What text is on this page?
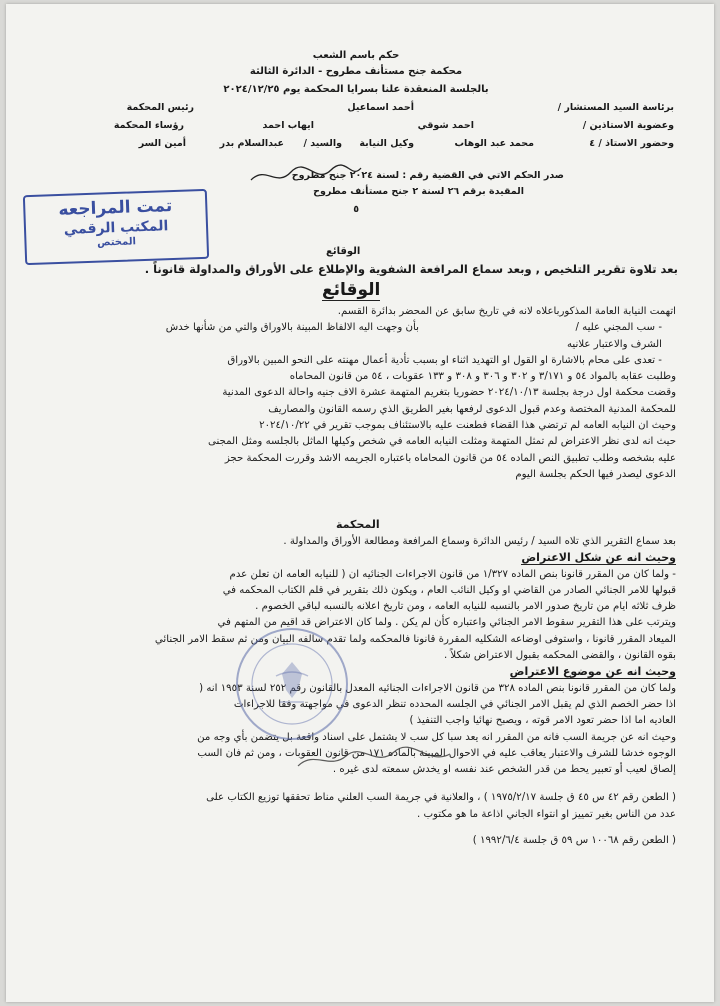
حكم باسم الشعب
محكمة جنح مستأنف مطروح - الدائرة الثالثة
بالجلسة المنعقدة علنا بسرايا المحكمة يوم ٢٠٢٤/١٢/٢٥
برئاسة السيد المستشار /
أحمد اسماعيل
رئيس المحكمة
وعضوية الاستاذين /
احمد شوقي
ايهاب احمد
رؤساء المحكمة
وحضور الاستاذ / ٤
محمد عبد الوهاب
وكيل النيابة
والسيد /
عبدالسلام بدر
أمين السر
صدر الحكم الاتي في القضية رقم : لسنة ٢٠٢٤ جنح مطروح
المقيدة برقم ٢٦ لسنة ٢ جنح مستأنف مطروح
٥
تمت المراجعه
المكتب الرقمي
المختص
الوقائع
بعد تلاوة تقرير التلخيص , وبعد سماع المرافعة الشفوية والإطلاع على الأوراق والمداولة قانوناً .
الوقائع

اتهمت النيابة العامة المذكورباعلاه لانه في تاريخ سابق عن المحضر بدائرة القسم.

- سب المجني عليه /  بأن وجهت اليه الالفاظ المبينة بالاوراق والتي من شأنها خدش

الشرف والاعتبار علانيه

- تعدى على محام بالاشارة او القول او التهديد اثناء او بسبب تأدية أعمال مهنته على النحو المبين بالاوراق

وطلبت عقابه بالمواد ٥٤ و ٣/١٧١ و ٣٠٢ و ٣٠٦ و ٣٠٨ و ١٣٣ عقوبات ، ٥٤ من قانون المحاماه

وقضت محكمة اول درجة بجلسة ٢٠٢٤/١٠/١٣ حضوريا بتغريم المتهمة عشرة الاف جنيه واحالة الدعوى المدنية

للمحكمة المدنية المختصة وعدم قبول الدعوى لرفعها بغير الطريق الذي رسمه القانون والمصاريف

وحيث ان النيابه العامه لم ترتضي هذا القضاء فطعنت عليه بالاستئناف بموجب تقرير في ٢٠٢٤/١٠/٢٢

حيث انه لدى نظر الاعتراض لم تمثل المتهمة ومثلت النيابه العامه في شخص وكيلها الماثل بالجلسه ومثل المجنى

عليه بشخصه وطلب تطبيق النص الماده ٥٤ من قانون المحاماه باعتباره الجريمه الاشد وقررت المحكمة حجز

الدعوى ليصدر فيها الحكم بجلسة اليوم

المحكمة

بعد سماع التقرير الذي تلاه السيد / رئيس الدائرة وسماع المرافعة ومطالعة الأوراق والمداولة .

وحيث انه عن شكل الاعتراض

- ولما كان من المقرر قانونا بنص الماده ١/٣٢٧ من قانون الاجراءات الجنائيه ان ( للنيابه العامه ان تعلن عدم

قبولها للامر الجنائي الصادر من القاضي او وكيل النائب العام ، ويكون ذلك بتقرير في قلم الكتاب المحكمه في

ظرف ثلاثه ايام من تاريخ صدور الامر بالنسبه للنيابه العامه ، ومن تاريخ اعلانه بالنسبه لباقي الخصوم .

ويترتب على هذا التقرير سقوط الامر الجنائي واعتباره كأن لم يكن . ولما كان الاعتراض قد اقيم من المتهم في

الميعاد المقرر قانونا ، واستوفى اوضاعه الشكليه المقررة قانونا فالمحكمه ولما تقدم سالفه البيان ومن ثم سقط الامر الجنائي

بقوه القانون ، والقضى المحكمه بقبول الاعتراض شكلاً .

وحيث انه عن موضوع الاعتراض

ولما كان من المقرر قانونا بنص الماده ٣٢٨ من قانون الاجراءات الجنائيه المعدل بالقانون رقم ٢٥٢ لسنة ١٩٥٣ انه (

اذا حضر الخصم الذي لم يقبل الامر الجنائي في الجلسه المحدده تنظر الدعوى في مواجهته وفقا للاجراءات

العاديه اما اذا حضر تعود الامر قوته ، ويصبح نهائيا واجب التنفيذ )

وحيث انه عن جريمة السب فانه من المقرر انه يعد سبا كل سب لا يشتمل على اسناد واقعة بل يتضمن بأي وجه من

الوجوه خدشا للشرف والاعتبار يعاقب عليه في الاحوال المبينة بالماده ١٧١ من قانون العقوبات ، ومن ثم فان السب

إلصاق لعيب أو تعبير يحط من قدر الشخص عند نفسه او يخدش سمعته لدى غيره .

( الطعن رقم ٤٢ س ٤٥ ق جلسة ١٩٧٥/٢/١٧ ) ، والعلانية في جريمة السب العلني مناط تحققها توزيع الكتاب على

عدد من الناس بغير تمييز او انتواء الجاني اذاعة ما هو مكتوب .

( الطعن رقم ١٠٠٦٨ س ٥٩ ق جلسة ١٩٩٢/٦/٤ )
